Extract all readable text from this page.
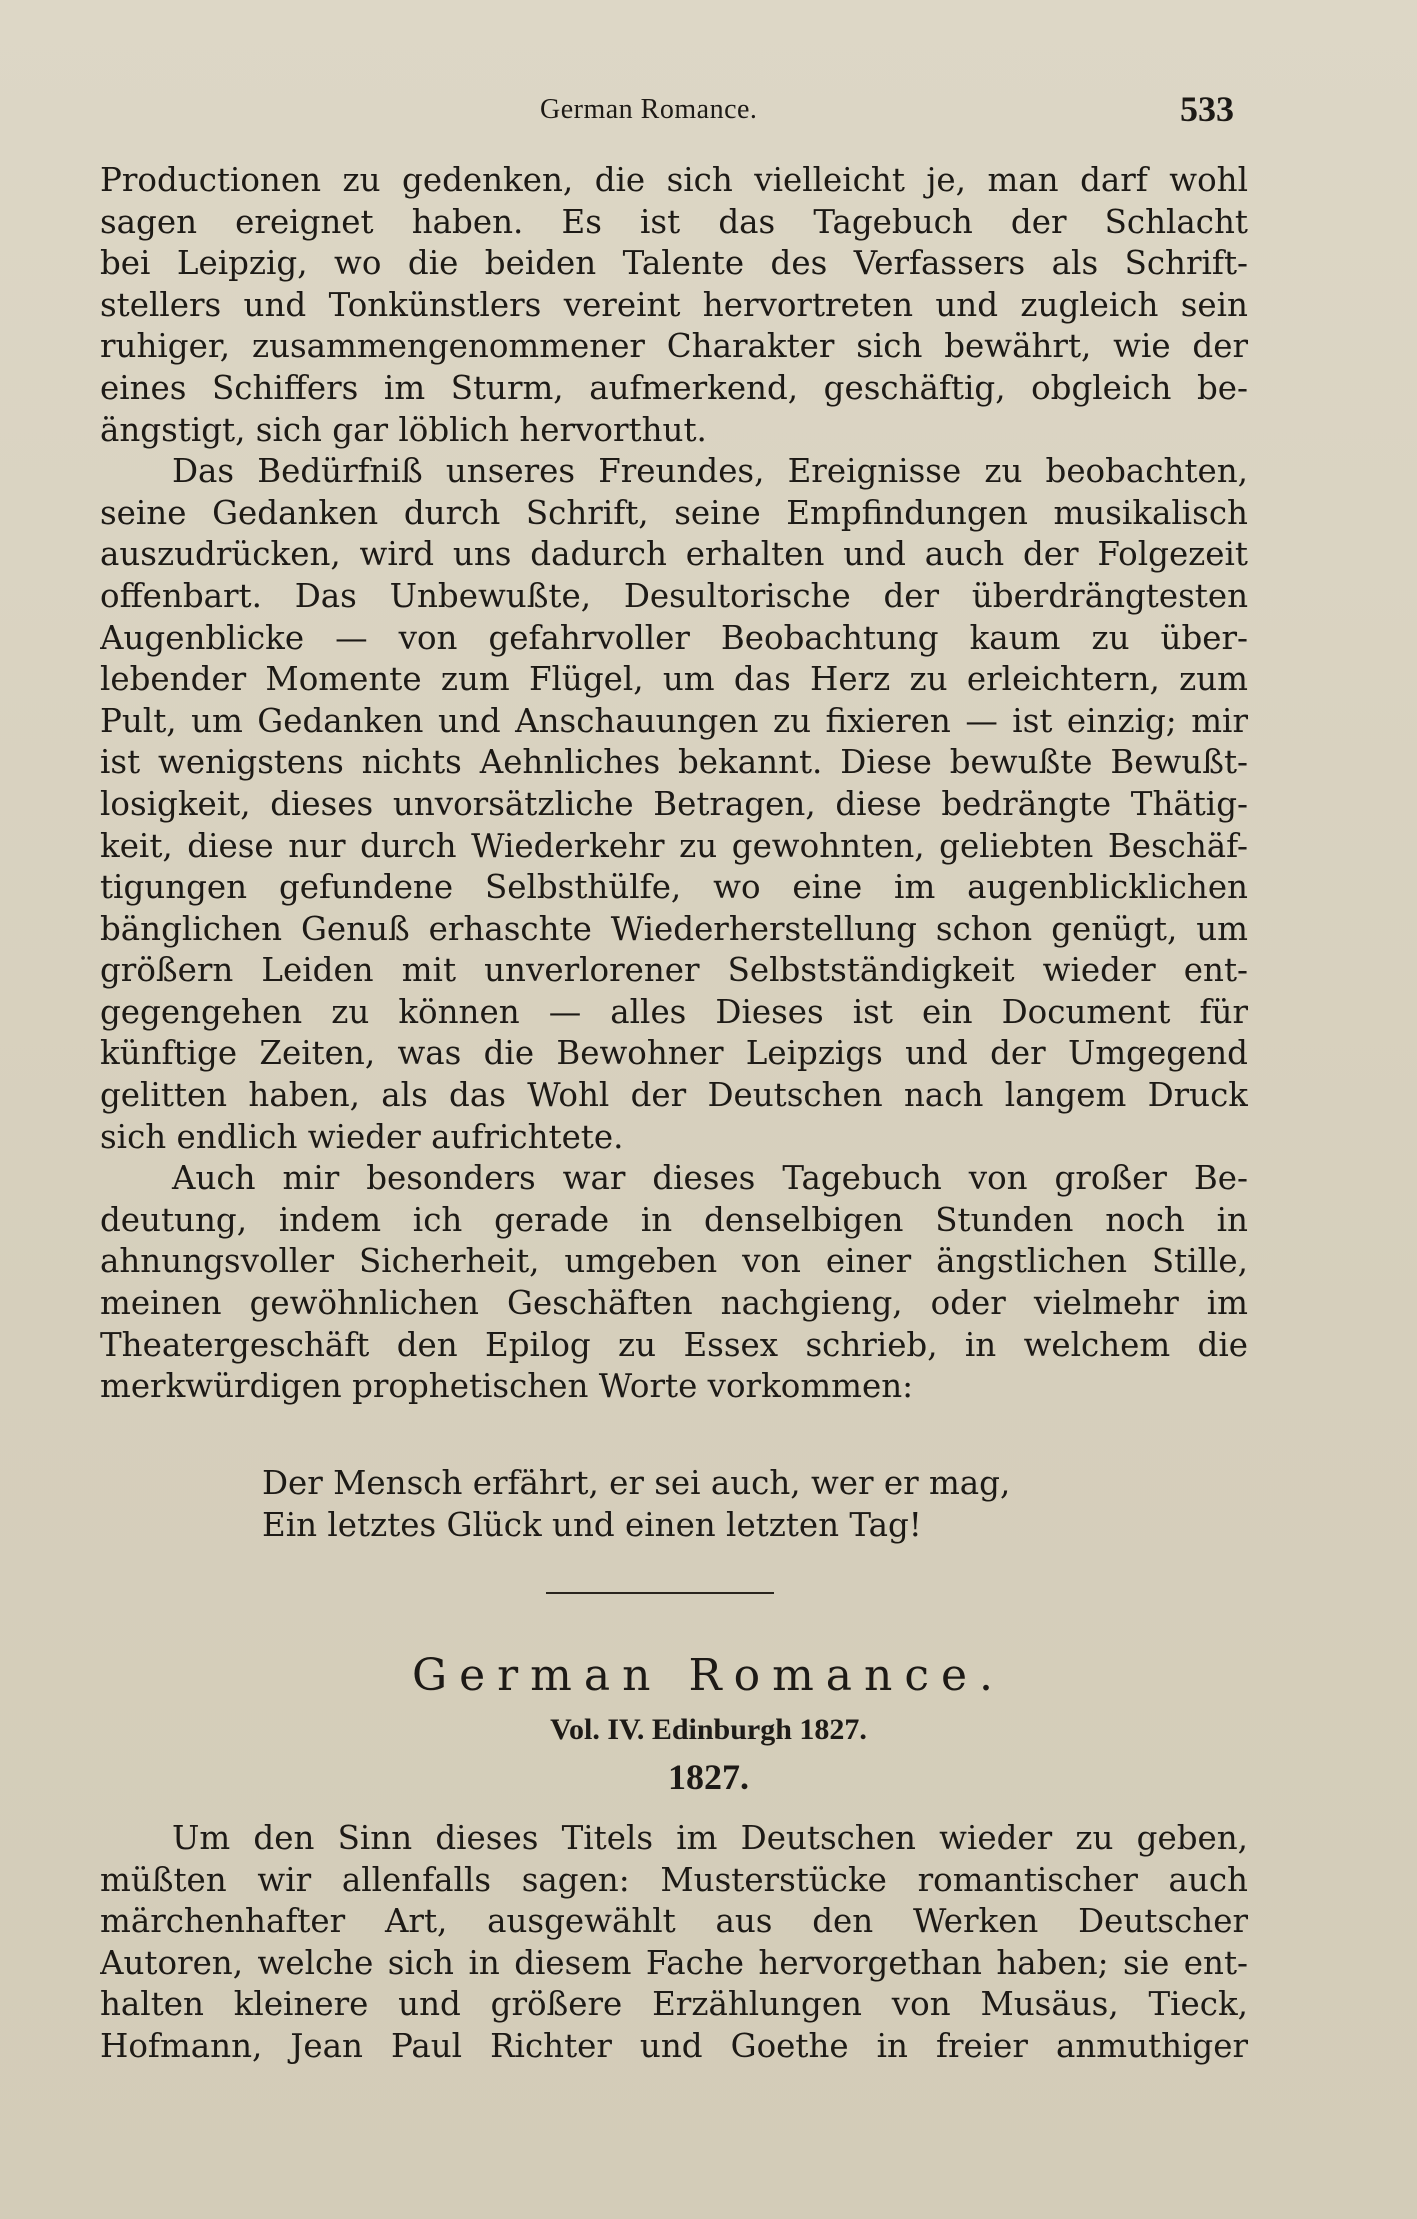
German Romance.	533
Productionen zu gedenken, die sich vielleicht je, man darf wohl
sagen ereignet haben. Es ist das Tagebuch der Schlacht
bei Leipzig, wo die beiden Talente des Verfassers als Schrift-
stellers und Tonkünstlers vereint hervortreten und zugleich sein
ruhiger, zusammengenommener Charakter sich bewährt, wie der
eines Schiffers im Sturm, aufmerkend, geschäftig, obgleich be-
ängstigt, sich gar löblich hervorthut.
Das Bedürfniß unseres Freundes, Ereignisse zu beobachten,
seine Gedanken durch Schrift, seine Empfindungen musikalisch
auszudrücken, wird uns dadurch erhalten und auch der Folgezeit
offenbart. Das Unbewußte, Desultorische der überdrängtesten
Augenblicke — von gefahrvoller Beobachtung kaum zu über-
lebender Momente zum Flügel, um das Herz zu erleichtern, zum
Pult, um Gedanken und Anschauungen zu fixieren — ist einzig; mir
ist wenigstens nichts Aehnliches bekannt. Diese bewußte Bewußt-
losigkeit, dieses unvorsätzliche Betragen, diese bedrängte Thätig-
keit, diese nur durch Wiederkehr zu gewohnten, geliebten Beschäf-
tigungen gefundene Selbsthülfe, wo eine im augenblicklichen
bänglichen Genuß erhaschte Wiederherstellung schon genügt, um
größern Leiden mit unverlorener Selbstständigkeit wieder ent-
gegengehen zu können — alles Dieses ist ein Document für
künftige Zeiten, was die Bewohner Leipzigs und der Umgegend
gelitten haben, als das Wohl der Deutschen nach langem Druck
sich endlich wieder aufrichtete.
Auch mir besonders war dieses Tagebuch von großer Be-
deutung, indem ich gerade in denselbigen Stunden noch in
ahnungsvoller Sicherheit, umgeben von einer ängstlichen Stille,
meinen gewöhnlichen Geschäften nachgieng, oder vielmehr im
Theatergeschäft den Epilog zu Essex schrieb, in welchem die
merkwürdigen prophetischen Worte vorkommen:
Der Mensch erfährt, er sei auch, wer er mag,
Ein letztes Glück und einen letzten Tag!
German Romance.
Vol. IV. Edinburgh 1827.
1827.
Um den Sinn dieses Titels im Deutschen wieder zu geben,
müßten wir allenfalls sagen: Musterstücke romantischer auch
märchenhafter Art, ausgewählt aus den Werken Deutscher
Autoren, welche sich in diesem Fache hervorgethan haben; sie ent-
halten kleinere und größere Erzählungen von Musäus, Tieck,
Hofmann, Jean Paul Richter und Goethe in freier anmuthiger
